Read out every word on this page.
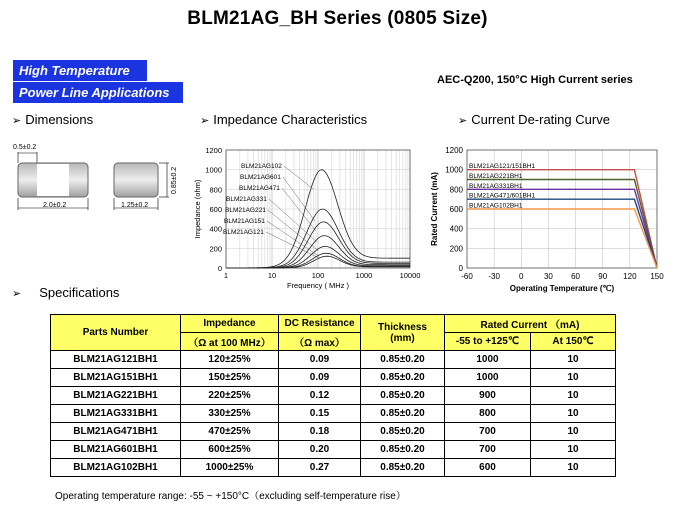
BLM21AG_BH Series (0805 Size)
High Temperature
Power Line Applications
AEC-Q200, 150°C High Current series
➢ Dimensions	➢ Impedance Characteristics	➢ Current De-rating Curve
➢ Specifications
0.5±0.2
2.0±0.2	1.25±0.2
0.85±0.2
0
200
400
600
800
1000
1200
1	10	100	1000	10000
Frequency ( MHz )
Impedance (ohm)
BLM21AG102
BLM21AG601
BLM21AG471
BLM21AG331
BLM21AG221
BLM21AG151
BLM21AG121
0
200
400
600
800
1000
1200
-60 -30 0	30 60 90 120 150
Operating Temperature (℃)
Rated Current (mA)
BLM21AG121/151BH1
BLM21AG221BH1
BLM21AG331BH1
BLM21AG471/601BH1
BLM21AG102BH1
Parts Number	Impedance	DC Resistance	Thickness
(mm)	Rated Current （mA)	
	（Ω at 100 MHz）	（Ω max）		-55 to +125℃	At 150℃
BLM21AG121BH1	120±25%	0.09	0.85±0.20	1000	10
BLM21AG151BH1	150±25%	0.09	0.85±0.20	1000	10
BLM21AG221BH1	220±25%	0.12	0.85±0.20	900	10
BLM21AG331BH1	330±25%	0.15	0.85±0.20	800	10
BLM21AG471BH1	470±25%	0.18	0.85±0.20	700	10
BLM21AG601BH1	600±25%	0.20	0.85±0.20	700	10
BLM21AG102BH1	1000±25%	0.27	0.85±0.20	600	10
Operating temperature range: -55 ~ +150°C（excluding self-temperature rise）
